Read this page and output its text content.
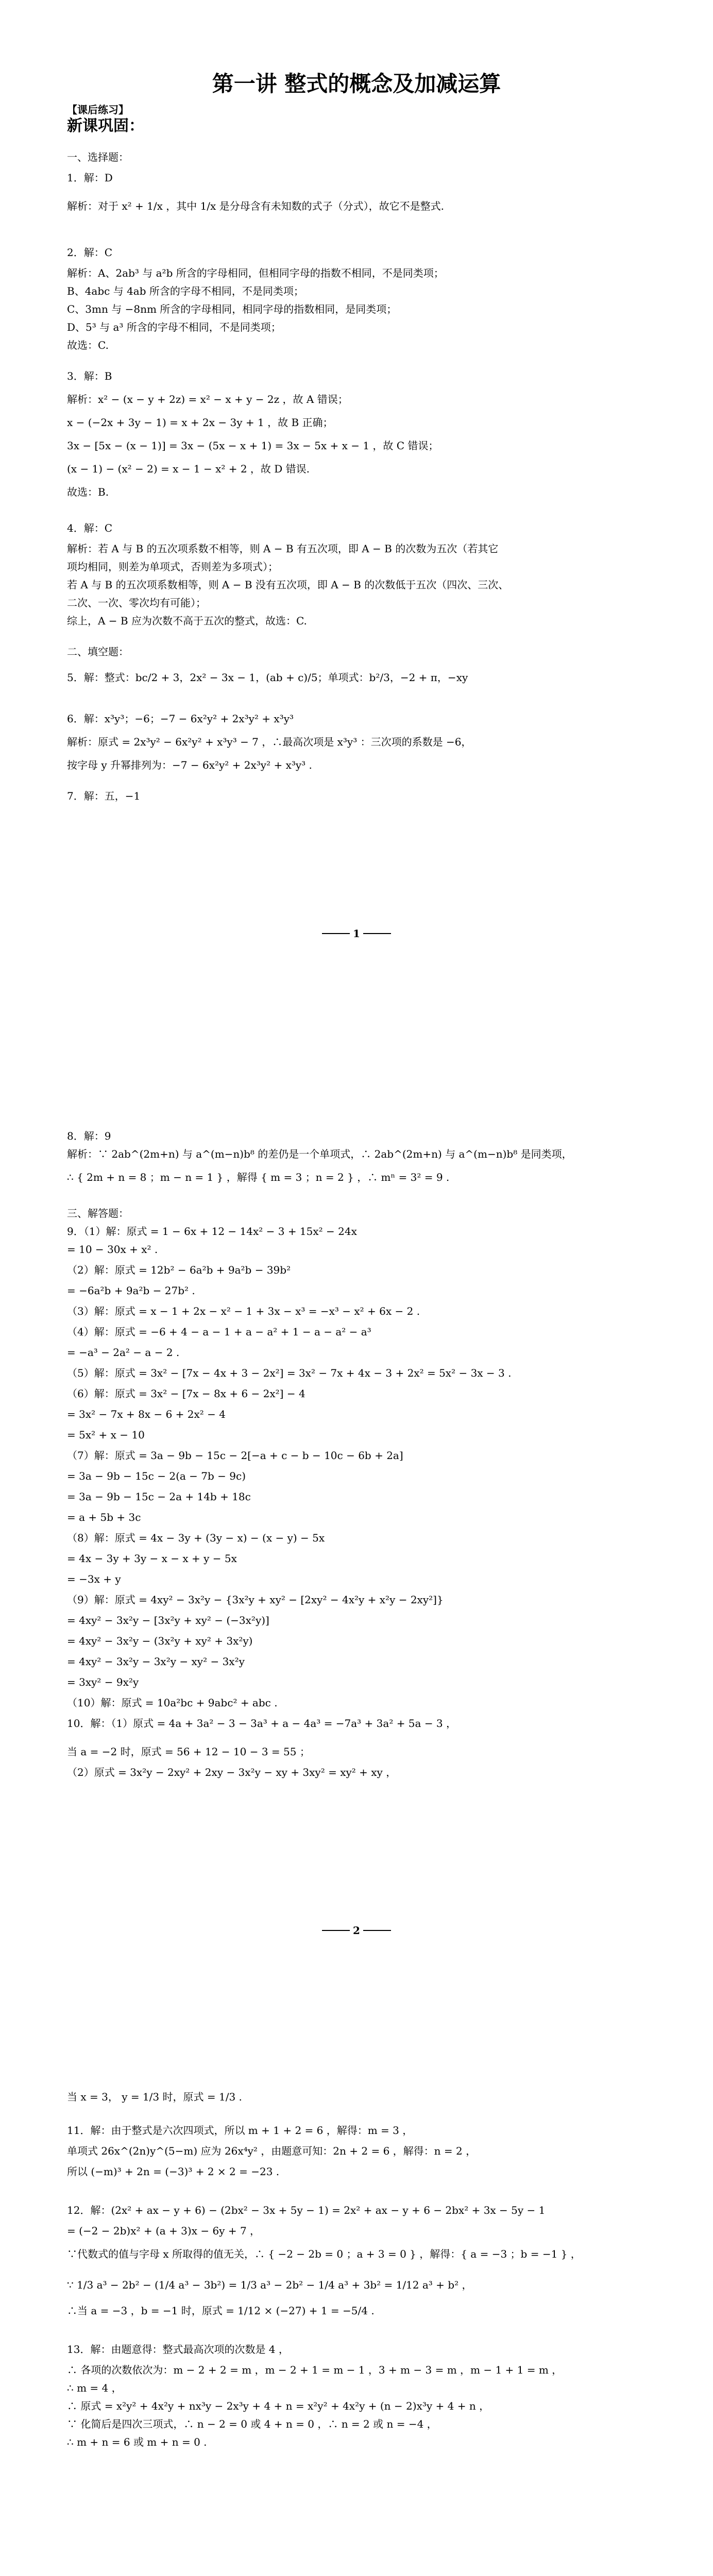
第一讲 整式的概念及加减运算
【课后练习】
新课巩固：
一、选择题：
1．解：D
解析：对于 x² + 1/x ，其中 1/x 是分母含有未知数的式子（分式），故它不是整式.
2．解：C
解析：A、2ab³ 与 a²b 所含的字母相同，但相同字母的指数不相同，不是同类项；
B、4abc 与 4ab 所含的字母不相同，不是同类项；
C、3mn 与 −8nm 所含的字母相同，相同字母的指数相同，是同类项；
D、5³ 与 a³ 所含的字母不相同，不是同类项；
故选：C.
3．解：B
解析：x² − (x − y + 2z) = x² − x + y − 2z ，故 A 错误；
x − (−2x + 3y − 1) = x + 2x − 3y + 1 ，故 B 正确；
3x − [5x − (x − 1)] = 3x − (5x − x + 1) = 3x − 5x + x − 1 ，故 C 错误；
(x − 1) − (x² − 2) = x − 1 − x² + 2 ，故 D 错误.
故选：B.
4．解：C
解析：若 A 与 B 的五次项系数不相等，则 A − B 有五次项，即 A − B 的次数为五次（若其它
项均相同，则差为单项式，否则差为多项式）；
若 A 与 B 的五次项系数相等，则 A − B 没有五次项，即 A − B 的次数低于五次（四次、三次、
二次、一次、零次均有可能）；
综上，A − B 应为次数不高于五次的整式，故选：C.
二、填空题：
5．解：整式：bc/2 + 3，2x² − 3x − 1，(ab + c)/5；单项式：b²/3，−2 + π，−xy
6．解：x³y³；−6；−7 − 6x²y² + 2x³y² + x³y³
解析：原式 = 2x³y² − 6x²y² + x³y³ − 7 ，∴最高次项是 x³y³ ：三次项的系数是 −6，
按字母 y 升幂排列为：−7 − 6x²y² + 2x³y² + x³y³ .
7．解：五，−1
1
8．解：9
解析：∵ 2ab^(2m+n) 与 a^(m−n)b⁸ 的差仍是一个单项式，∴ 2ab^(2m+n) 与 a^(m−n)b⁸ 是同类项，
∴ { 2m + n = 8 ；m − n = 1 } ，解得 { m = 3 ；n = 2 } ，∴ mⁿ = 3² = 9 .
三、解答题：
9．（1）解：原式 = 1 − 6x + 12 − 14x² − 3 + 15x² − 24x
= 10 − 30x + x² .
（2）解：原式 = 12b² − 6a²b + 9a²b − 39b²
= −6a²b + 9a²b − 27b² .
（3）解：原式 = x − 1 + 2x − x² − 1 + 3x − x³ = −x³ − x² + 6x − 2 .
（4）解：原式 = −6 + 4 − a − 1 + a − a² + 1 − a − a² − a³
= −a³ − 2a² − a − 2 .
（5）解：原式 = 3x² − [7x − 4x + 3 − 2x²] = 3x² − 7x + 4x − 3 + 2x² = 5x² − 3x − 3 .
（6）解：原式 = 3x² − [7x − 8x + 6 − 2x²] − 4
= 3x² − 7x + 8x − 6 + 2x² − 4
= 5x² + x − 10
（7）解：原式 = 3a − 9b − 15c − 2[−a + c − b − 10c − 6b + 2a]
= 3a − 9b − 15c − 2(a − 7b − 9c)
= 3a − 9b − 15c − 2a + 14b + 18c
= a + 5b + 3c
（8）解：原式 = 4x − 3y + (3y − x) − (x − y) − 5x
= 4x − 3y + 3y − x − x + y − 5x
= −3x + y
（9）解：原式 = 4xy² − 3x²y − {3x²y + xy² − [2xy² − 4x²y + x²y − 2xy²]}
= 4xy² − 3x²y − [3x²y + xy² − (−3x²y)]
= 4xy² − 3x²y − (3x²y + xy² + 3x²y)
= 4xy² − 3x²y − 3x²y − xy² − 3x²y
= 3xy² − 9x²y
（10）解：原式 = 10a²bc + 9abc² + abc .
10．解：（1）原式 = 4a + 3a² − 3 − 3a³ + a − 4a³ = −7a³ + 3a² + 5a − 3 ，
当 a = −2 时，原式 = 56 + 12 − 10 − 3 = 55 ；
（2）原式 = 3x²y − 2xy² + 2xy − 3x²y − xy + 3xy² = xy² + xy ，
2
当 x = 3， y = 1/3 时，原式 = 1/3 .
11．解：由于整式是六次四项式，所以 m + 1 + 2 = 6 ，解得：m = 3 ，
单项式 26x^(2n)y^(5−m) 应为 26x⁴y² ，由题意可知：2n + 2 = 6 ，解得：n = 2 ，
所以 (−m)³ + 2n = (−3)³ + 2 × 2 = −23 .
12．解：(2x² + ax − y + 6) − (2bx² − 3x + 5y − 1) = 2x² + ax − y + 6 − 2bx² + 3x − 5y − 1
= (−2 − 2b)x² + (a + 3)x − 6y + 7 ，
∵代数式的值与字母 x 所取得的值无关，∴ { −2 − 2b = 0 ；a + 3 = 0 } ，解得：{ a = −3 ；b = −1 } ，
∵ 1/3 a³ − 2b² − (1/4 a³ − 3b²) = 1/3 a³ − 2b² − 1/4 a³ + 3b² = 1/12 a³ + b² ，
∴当 a = −3 ，b = −1 时，原式 = 1/12 × (−27) + 1 = −5/4 .
13．解：由题意得：整式最高次项的次数是 4 ，
∴ 各项的次数依次为：m − 2 + 2 = m ，m − 2 + 1 = m − 1 ，3 + m − 3 = m ，m − 1 + 1 = m ，
∴ m = 4 ，
∴ 原式 = x²y² + 4x²y + nx³y − 2x³y + 4 + n = x²y² + 4x²y + (n − 2)x³y + 4 + n ，
∵ 化简后是四次三项式，∴ n − 2 = 0 或 4 + n = 0 ，∴ n = 2 或 n = −4 ，
∴ m + n = 6 或 m + n = 0 .
